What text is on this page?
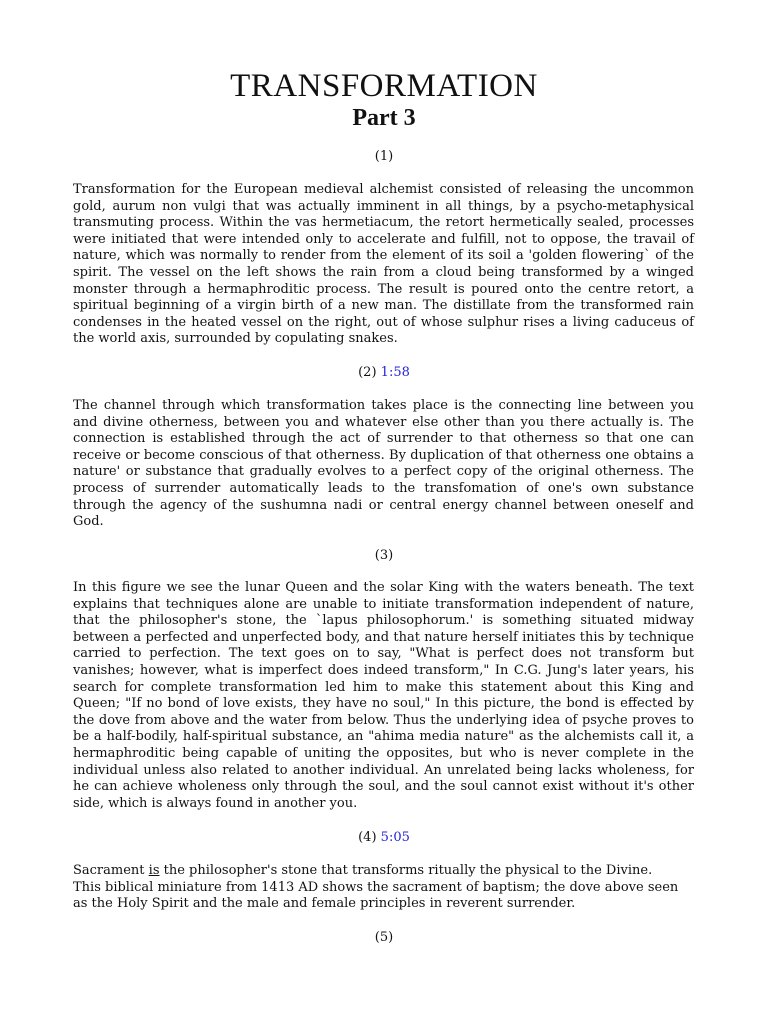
TRANSFORMATION
Part 3
(1)
Transformation for the European medieval alchemist consisted of releasing the uncommon gold, aurum non vulgi that was actually imminent in all things, by a psycho-metaphysical transmuting process. Within the vas hermetiacum, the retort hermetically sealed, processes were initiated that were intended only to accelerate and fulfill, not to oppose, the travail of nature, which was normally to render from the element of its soil a 'golden flowering` of the spirit. The vessel on the left shows the rain from a cloud being transformed by a winged monster through a hermaphroditic process. The result is poured onto the centre retort, a spiritual beginning of a virgin birth of a new man. The distillate from the transformed rain condenses in the heated vessel on the right, out of whose sulphur rises a living caduceus of the world axis, surrounded by copulating snakes.
(2) 1:58
The channel through which transformation takes place is the connecting line between you and divine otherness, between you and whatever else other than you there actually is. The connection is established through the act of surrender to that otherness so that one can receive or become conscious of that otherness. By duplication of that otherness one obtains a nature' or substance that gradually evolves to a perfect copy of the original otherness. The process of surrender automatically leads to the transfomation of one's own substance through the agency of the sushumna nadi or central energy channel between oneself and God.
(3)
In this figure we see the lunar Queen and the solar King with the waters beneath. The text explains that techniques alone are unable to initiate transformation independent of nature, that the philosopher's stone, the `lapus philosophorum.' is something situated midway between a perfected and unperfected body, and that nature herself initiates this by technique carried to perfection. The text goes on to say, "What is perfect does not transform but vanishes; however, what is imperfect does indeed transform," In C.G. Jung's later years, his search for complete transformation led him to make this statement about this King and Queen; "If no bond of love exists, they have no soul," In this picture, the bond is effected by the dove from above and the water from below. Thus the underlying idea of psyche proves to be a half-bodily, half-spiritual substance, an "ahima media nature" as the alchemists call it, a hermaphroditic being capable of uniting the opposites, but who is never complete in the individual unless also related to another individual. An unrelated being lacks wholeness, for he can achieve wholeness only through the soul, and the soul cannot exist without it's other side, which is always found in another you.
(4) 5:05
Sacrament is the philosopher's stone that transforms ritually the physical to the Divine.
This biblical miniature from 1413 AD shows the sacrament of baptism; the dove above seen as the Holy Spirit and the male and female principles in reverent surrender.
(5)
